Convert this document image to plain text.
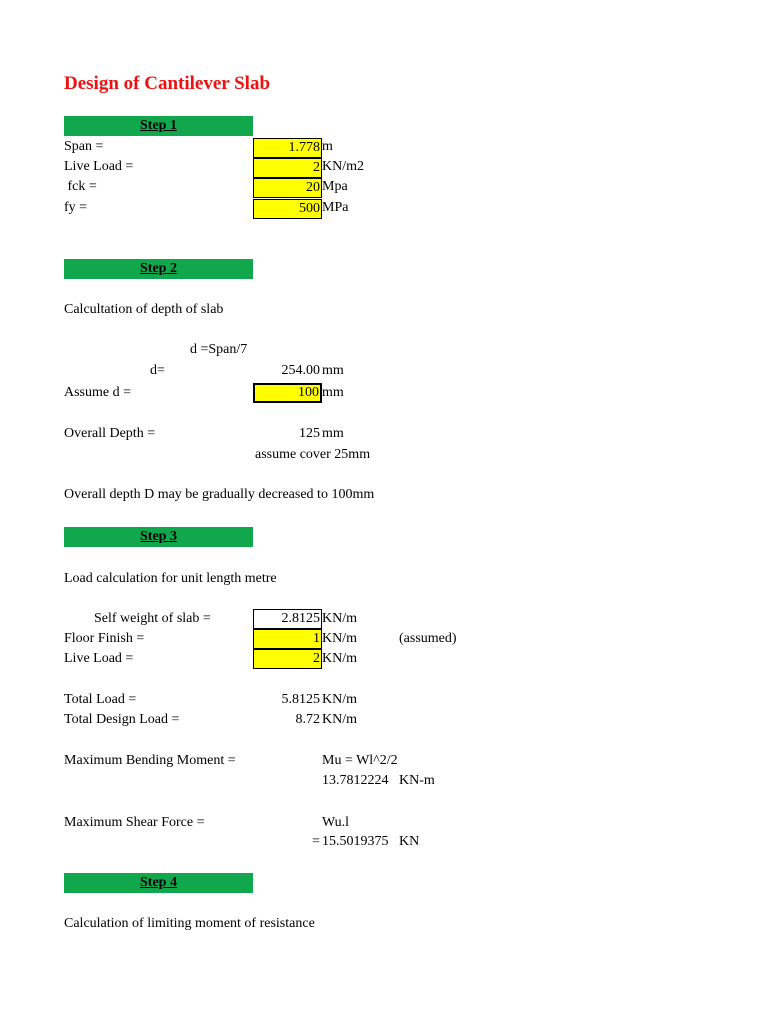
Design of Cantilever Slab
Step 1
Span =	1.778 m
Live Load =	2 KN/m2
fck =	20 Mpa
fy =	500 MPa
Step 2
Calcultation of depth of slab
d =Span/7
d=	254.00 mm
Assume d =	100 mm
Overall Depth =	125 mm
assume cover 25mm
Overall depth D may be gradually decreased to 100mm
Step 3
Load calculation for unit length metre
Self weight of slab =	2.8125 KN/m
Floor Finish =	1 KN/m	(assumed)
Live Load =	2 KN/m
Total Load =	5.8125 KN/m
Total Design Load =	8.72 KN/m
Maximum Bending Moment =	Mu = Wl^2/2
13.7812224 KN-m
Maximum Shear Force =	Wu.l
= 15.5019375 KN
Step 4
Calculation of limiting moment of resistance
